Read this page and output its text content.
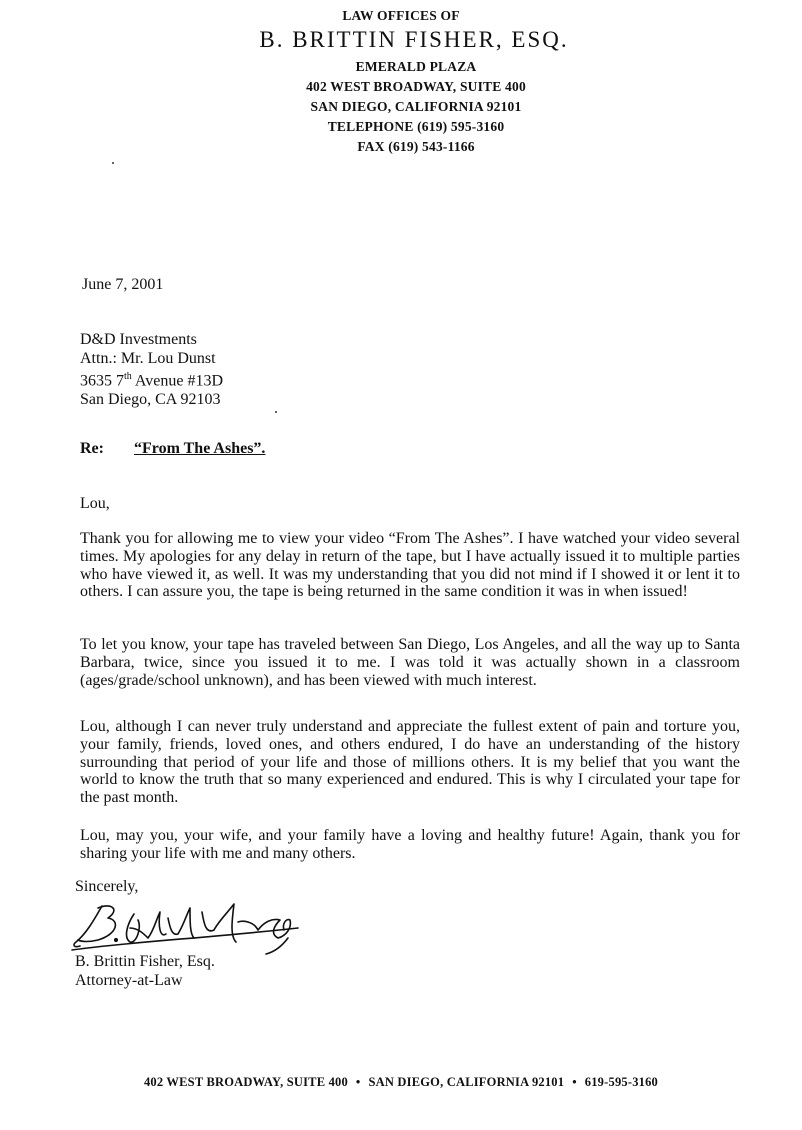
LAW OFFICES OF
B. BRITTIN FISHER, ESQ.
EMERALD PLAZA
402 WEST BROADWAY, SUITE 400
SAN DIEGO, CALIFORNIA 92101
TELEPHONE (619) 595-3160
FAX (619) 543-1166
June 7, 2001
D&D Investments
Attn.: Mr. Lou Dunst
3635 7th Avenue #13D
San Diego, CA 92103
Re: “From The Ashes”.
Lou,
Thank you for allowing me to view your video “From The Ashes”. I have watched your video several times. My apologies for any delay in return of the tape, but I have actually issued it to multiple parties who have viewed it, as well. It was my understanding that you did not mind if I showed it or lent it to others. I can assure you, the tape is being returned in the same condition it was in when issued!
To let you know, your tape has traveled between San Diego, Los Angeles, and all the way up to Santa Barbara, twice, since you issued it to me. I was told it was actually shown in a classroom (ages/grade/school unknown), and has been viewed with much interest.
Lou, although I can never truly understand and appreciate the fullest extent of pain and torture you, your family, friends, loved ones, and others endured, I do have an understanding of the history surrounding that period of your life and those of millions others. It is my belief that you want the world to know the truth that so many experienced and endured. This is why I circulated your tape for the past month.
Lou, may you, your wife, and your family have a loving and healthy future! Again, thank you for sharing your life with me and many others.
Sincerely,
B. Brittin Fisher, Esq.
Attorney-at-Law
402 WEST BROADWAY, SUITE 400 • SAN DIEGO, CALIFORNIA 92101 • 619-595-3160
